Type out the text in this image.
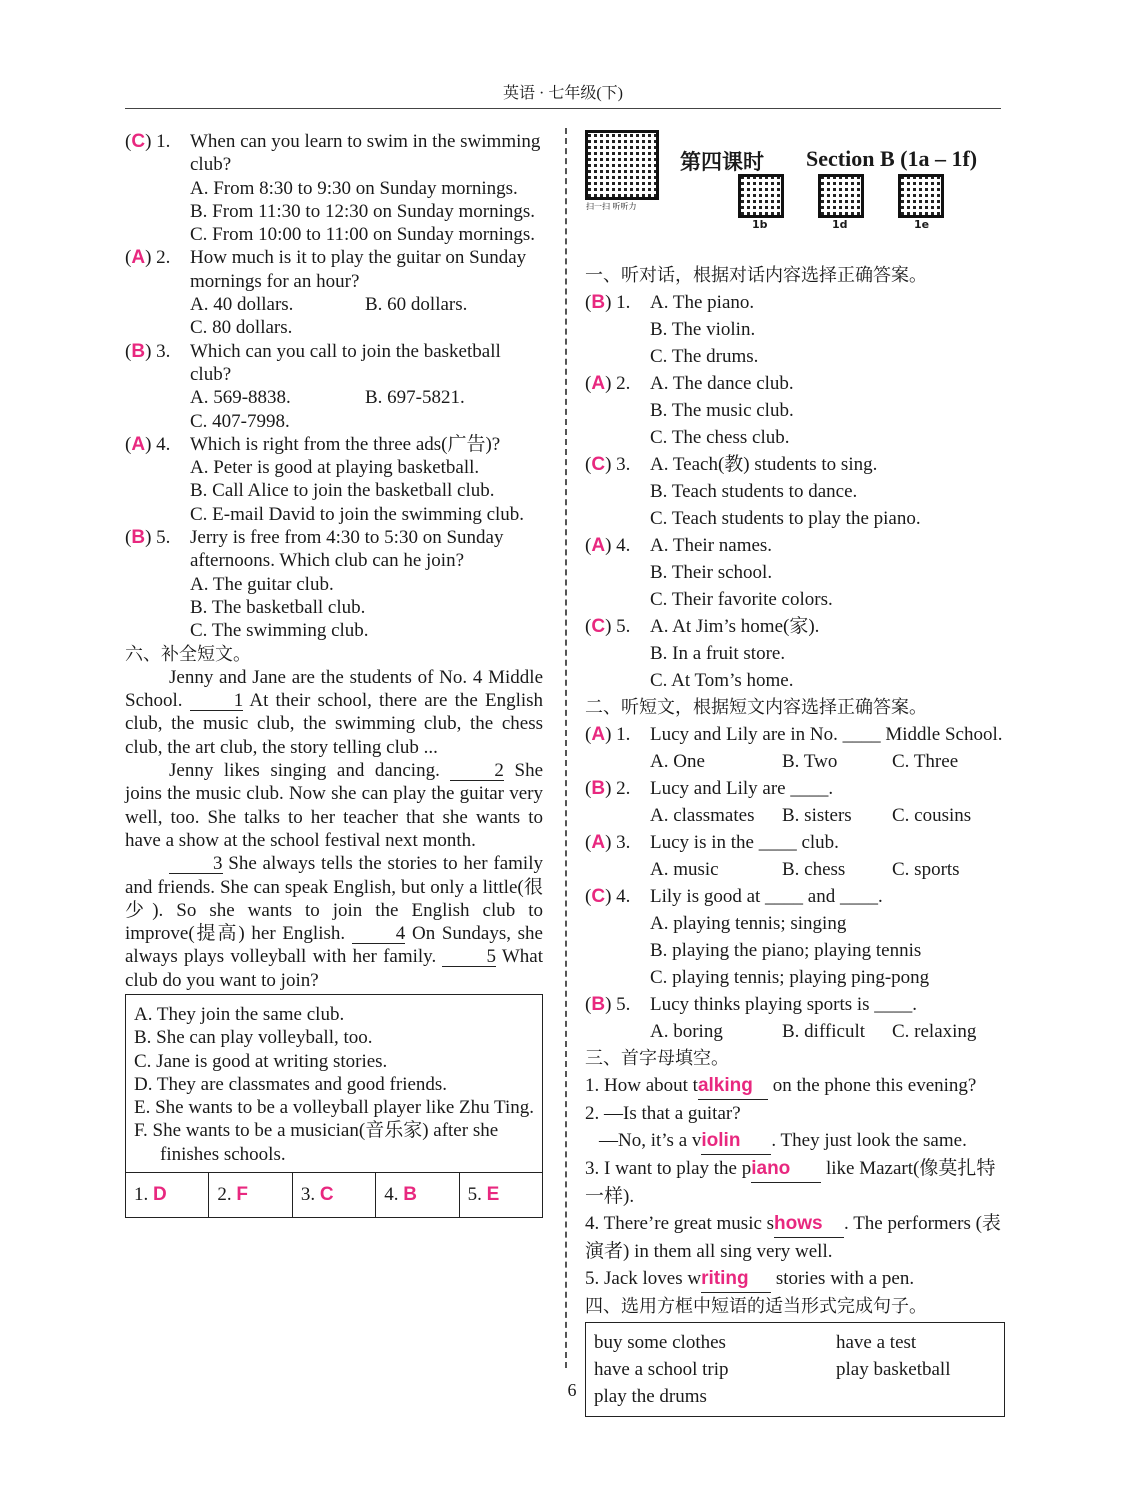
英语 · 七年级(下)
(C) 1. When can you learn to swim in the swimming club?
A. From 8:30 to 9:30 on Sunday mornings.
B. From 11:30 to 12:30 on Sunday mornings.
C. From 10:00 to 11:00 on Sunday mornings.
(A) 2. How much is it to play the guitar on Sunday mornings for an hour?
A. 40 dollars.	B. 60 dollars.
C. 80 dollars.
(B) 3. Which can you call to join the basketball club?
A. 569-8838.	B. 697-5821.
C. 407-7998.
(A) 4. Which is right from the three ads(广告)?
A. Peter is good at playing basketball.
B. Call Alice to join the basketball club.
C. E-mail David to join the swimming club.
(B) 5. Jerry is free from 4:30 to 5:30 on Sunday afternoons. Which club can he join?
A. The guitar club.
B. The basketball club.
C. The swimming club.
六、补全短文。
Jenny and Jane are the students of No. 4 Middle School.	1 At their school, there are the English club, the music club, the swimming club, the chess club, the art club, the story telling club ...
Jenny likes singing and dancing.	2 She joins the music club. Now she can play the guitar very well, too. She talks to her teacher that she wants to have a show at the school festival next month.
3 She always tells the stories to her family and friends. She can speak English, but only a little(很少). So she wants to join the English club to improve(提高) her English.	4 On Sundays, she always plays volleyball with her family.	5 What club do you want to join?
A. They join the same club.
B. She can play volleyball, too.
C. Jane is good at writing stories.
D. They are classmates and good friends.
E. She wants to be a volleyball player like Zhu Ting.
F. She wants to be a musician(音乐家) after she finishes schools.
1. D	2. F	3. C	4. B	5. E
扫一扫 听听力
第四课时 Section B (1a – 1f)
1b	1d	1e
一、听对话，根据对话内容选择正确答案。
(B) 1. A. The piano.
B. The violin.
C. The drums.
(A) 2. A. The dance club.
B. The music club.
C. The chess club.
(C) 3. A. Teach(教) students to sing.
B. Teach students to dance.
C. Teach students to play the piano.
(A) 4. A. Their names.
B. Their school.
C. Their favorite colors.
(C) 5. A. At Jim’s home(家).
B. In a fruit store.
C. At Tom’s home.
二、听短文，根据短文内容选择正确答案。
(A) 1. Lucy and Lily are in No. ____ Middle School.
A. One	B. Two	C. Three
(B) 2. Lucy and Lily are ____.
A. classmates	B. sisters	C. cousins
(A) 3. Lucy is in the ____ club.
A. music	B. chess	C. sports
(C) 4. Lily is good at ____ and ____.
A. playing tennis; singing
B. playing the piano; playing tennis
C. playing tennis; playing ping-pong
(B) 5. Lucy thinks playing sports is ____.
A. boring	B. difficult	C. relaxing
三、首字母填空。
1. How about talking on the phone this evening?
2. —Is that a guitar?
—No, it’s a violin . They just look the same.
3. I want to play the piano like Mazart(像莫扎特一样).
4. There’re great music shows . The performers (表演者) in them all sing very well.
5. Jack loves writing stories with a pen.
四、选用方框中短语的适当形式完成句子。
buy some clothes	have a test
have a school trip	play basketball
play the drums
6
